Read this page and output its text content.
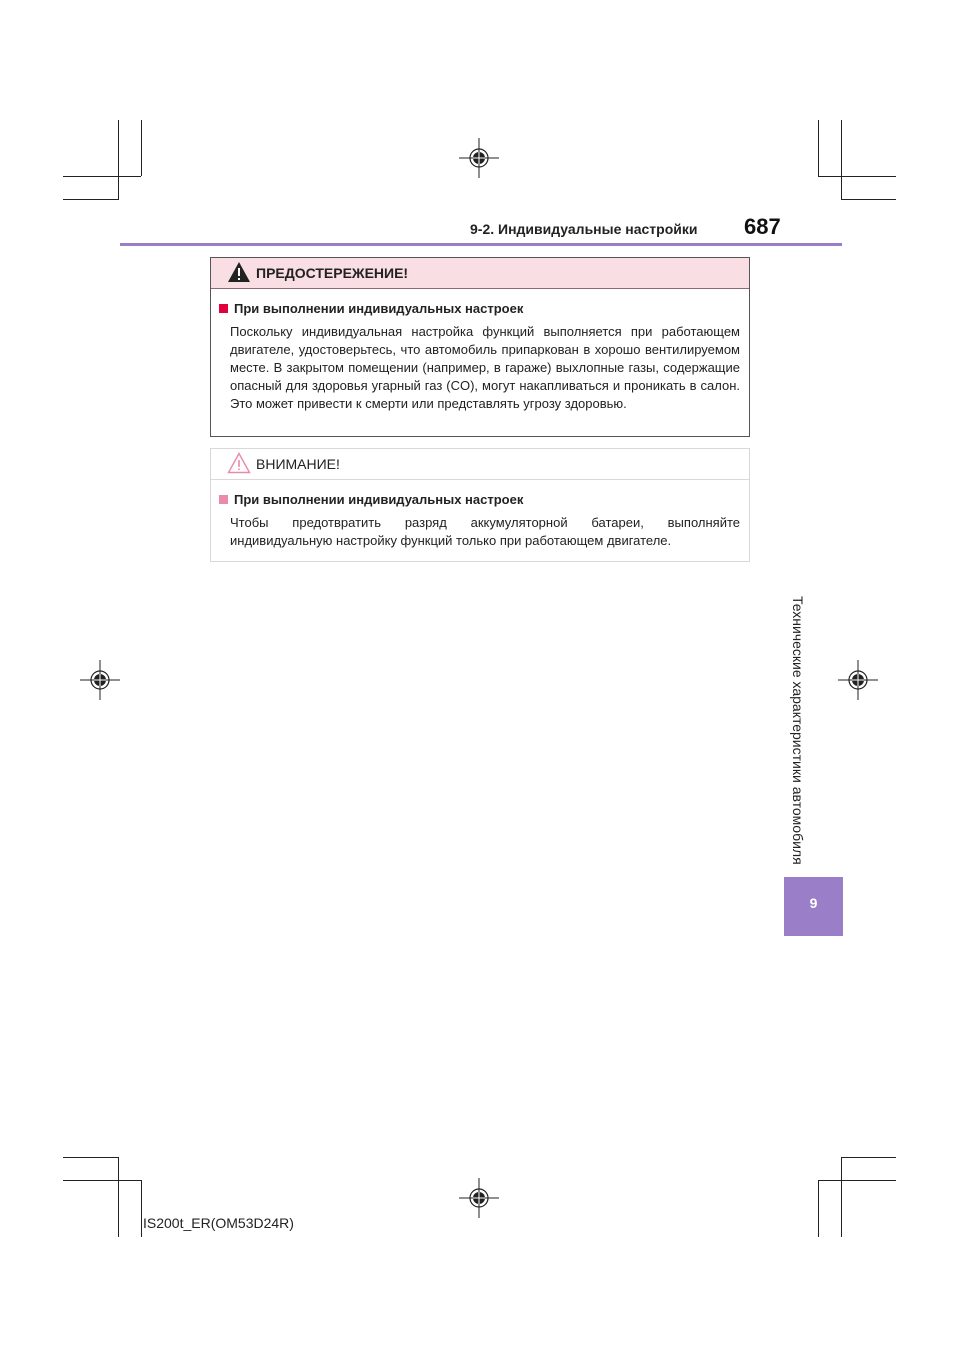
9-2. Индивидуальные настройки 687
ПРЕДОСТЕРЕЖЕНИЕ!
При выполнении индивидуальных настроек
Поскольку индивидуальная настройка функций выполняется при работающем двигателе, удостоверьтесь, что автомобиль припаркован в хорошо вентилируемом месте. В закрытом помещении (например, в гараже) выхлопные газы, содержащие опасный для здоровья угарный газ (CO), могут накапливаться и проникать в салон. Это может привести к смерти или представлять угрозу здоровью.
ВНИМАНИЕ!
При выполнении индивидуальных настроек
Чтобы предотвратить разряд аккумуляторной батареи, выполняйте индивидуальную настройку функций только при работающем двигателе.
Технические характеристики автомобиля
9
IS200t_ER(OM53D24R)
